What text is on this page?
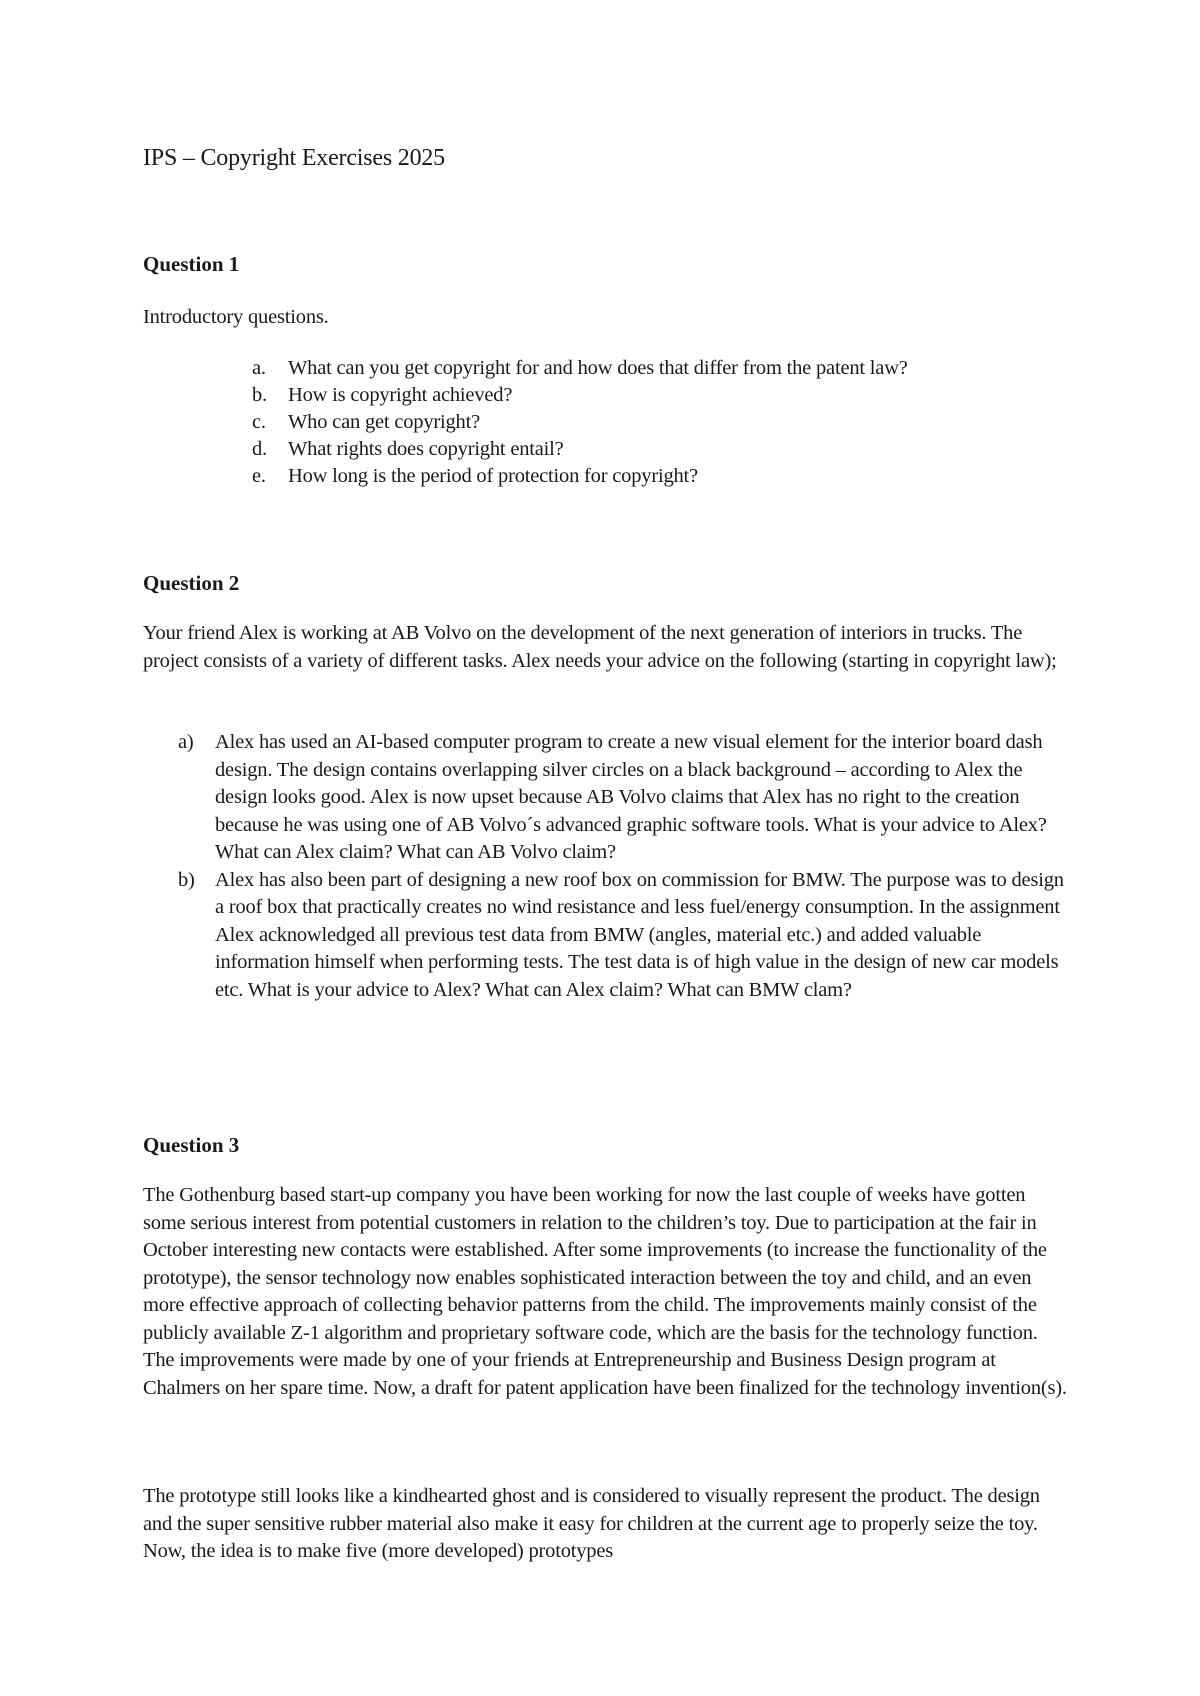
IPS – Copyright Exercises 2025
Question 1

Introductory questions.

a. What can you get copyright for and how does that differ from the patent law?
b. How is copyright achieved?
c. Who can get copyright?
d. What rights does copyright entail?
e. How long is the period of protection for copyright?
Question 2

Your friend Alex is working at AB Volvo on the development of the next generation of interiors in trucks. The project consists of a variety of different tasks. Alex needs your advice on the following (starting in copyright law);

a) Alex has used an AI-based computer program to create a new visual element for the interior board dash design. The design contains overlapping silver circles on a black background – according to Alex the design looks good. Alex is now upset because AB Volvo claims that Alex has no right to the creation because he was using one of AB Volvo´s advanced graphic software tools. What is your advice to Alex? What can Alex claim? What can AB Volvo claim?
b) Alex has also been part of designing a new roof box on commission for BMW. The purpose was to design a roof box that practically creates no wind resistance and less fuel/energy consumption. In the assignment Alex acknowledged all previous test data from BMW (angles, material etc.) and added valuable information himself when performing tests. The test data is of high value in the design of new car models etc. What is your advice to Alex? What can Alex claim? What can BMW clam?
Question 3

The Gothenburg based start-up company you have been working for now the last couple of weeks have gotten some serious interest from potential customers in relation to the children’s toy. Due to participation at the fair in October interesting new contacts were established. After some improvements (to increase the functionality of the prototype), the sensor technology now enables sophisticated interaction between the toy and child, and an even more effective approach of collecting behavior patterns from the child. The improvements mainly consist of the publicly available Z-1 algorithm and proprietary software code, which are the basis for the technology function. The improvements were made by one of your friends at Entrepreneurship and Business Design program at Chalmers on her spare time. Now, a draft for patent application have been finalized for the technology invention(s).

The prototype still looks like a kindhearted ghost and is considered to visually represent the product. The design and the super sensitive rubber material also make it easy for children at the current age to properly seize the toy. Now, the idea is to make five (more developed) prototypes
